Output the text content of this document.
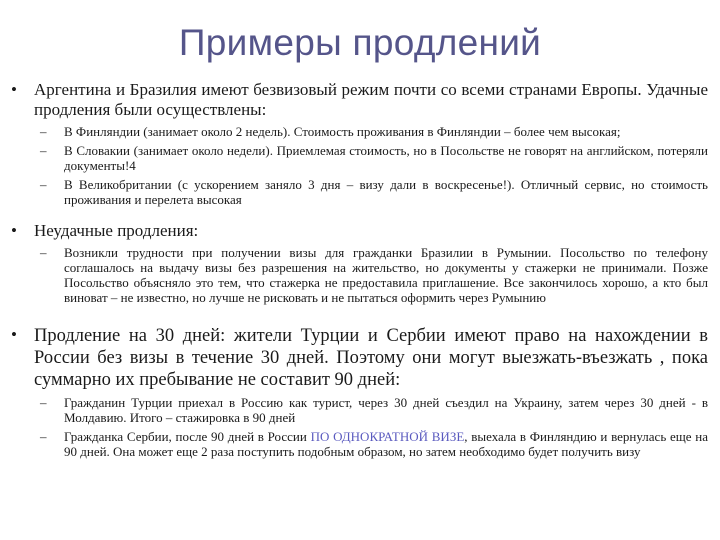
Примеры продлений
• Аргентина и Бразилия имеют безвизовый режим почти со всеми странами Европы. Удачные продления были осуществлены:
– В Финляндии (занимает около 2 недель). Стоимость проживания в Финляндии – более чем высокая;
– В Словакии (занимает около недели). Приемлемая стоимость, но в Посольстве не говорят на английском, потеряли документы!4
– В Великобритании (с ускорением заняло 3 дня – визу дали в воскресенье!). Отличный сервис, но стоимость проживания и перелета высокая
• Неудачные продления:
– Возникли трудности при получении визы для гражданки Бразилии в Румынии. Посольство по телефону соглашалось на выдачу визы без разрешения на жительство, но документы у стажерки не принимали. Позже Посольство объясняло это тем, что стажерка не предоставила приглашение. Все закончилось хорошо, а кто был виноват – не известно, но лучше не рисковать и не пытаться оформить через Румынию
• Продление на 30 дней: жители Турции и Сербии имеют право на нахождении в России без визы в течение 30 дней. Поэтому они могут выезжать-въезжать , пока суммарно их пребывание не составит 90 дней:
– Гражданин Турции приехал в Россию как турист, через 30 дней съездил на Украину, затем через 30 дней - в Молдавию. Итого – стажировка в 90 дней
– Гражданка Сербии, после 90 дней в России ПО ОДНОКРАТНОЙ ВИЗЕ, выехала в Финляндию и вернулась еще на 90 дней. Она может еще 2 раза поступить подобным образом, но затем необходимо будет получить визу
